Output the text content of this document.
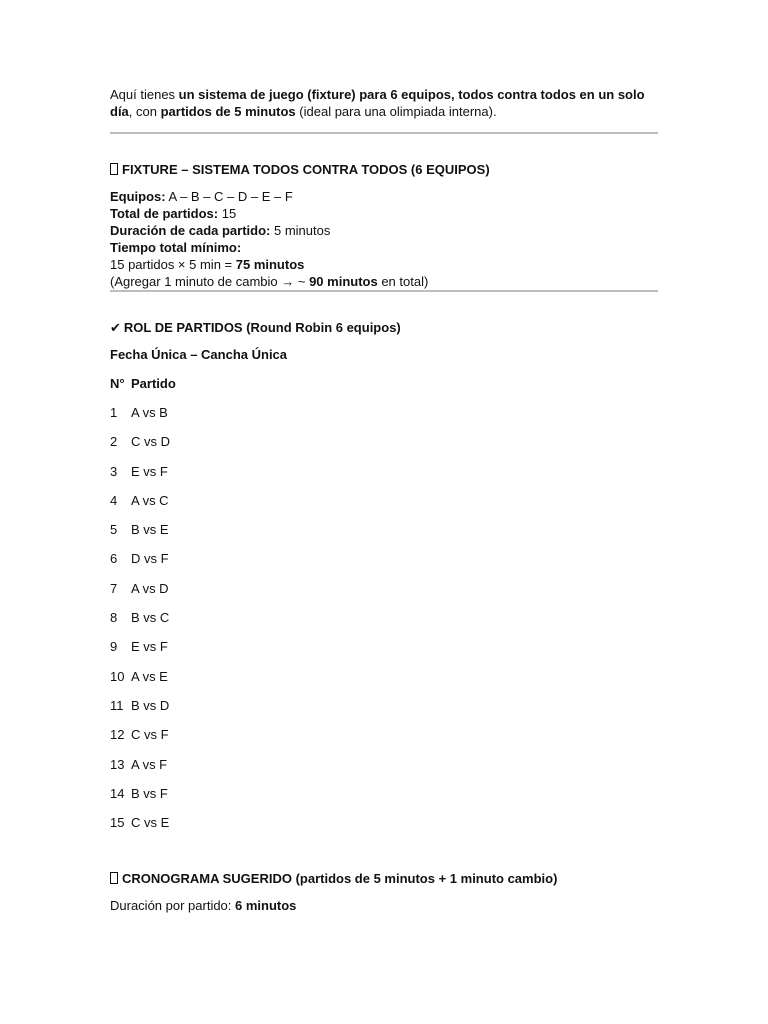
Aquí tienes un sistema de juego (fixture) para 6 equipos, todos contra todos en un solo día, con partidos de 5 minutos (ideal para una olimpiada interna).

FIXTURE – SISTEMA TODOS CONTRA TODOS (6 EQUIPOS)

Equipos: A – B – C – D – E – F

Total de partidos: 15

Duración de cada partido: 5 minutos

Tiempo total mínimo:

15 partidos × 5 min = 75 minutos

(Agregar 1 minuto de cambio → ~ 90 minutos en total)

✔ ROL DE PARTIDOS (Round Robin 6 equipos)

Fecha Única – Cancha Única

N° Partido
1	A vs B
2	C vs D
3	E vs F
4	A vs C
5	B vs E
6	D vs F
7	A vs D
8	B vs C
9	E vs F
10 A vs E
11 B vs D
12 C vs F
13 A vs F
14 B vs F
15 C vs E

CRONOGRAMA SUGERIDO (partidos de 5 minutos + 1 minuto cambio)

Duración por partido: 6 minutos
